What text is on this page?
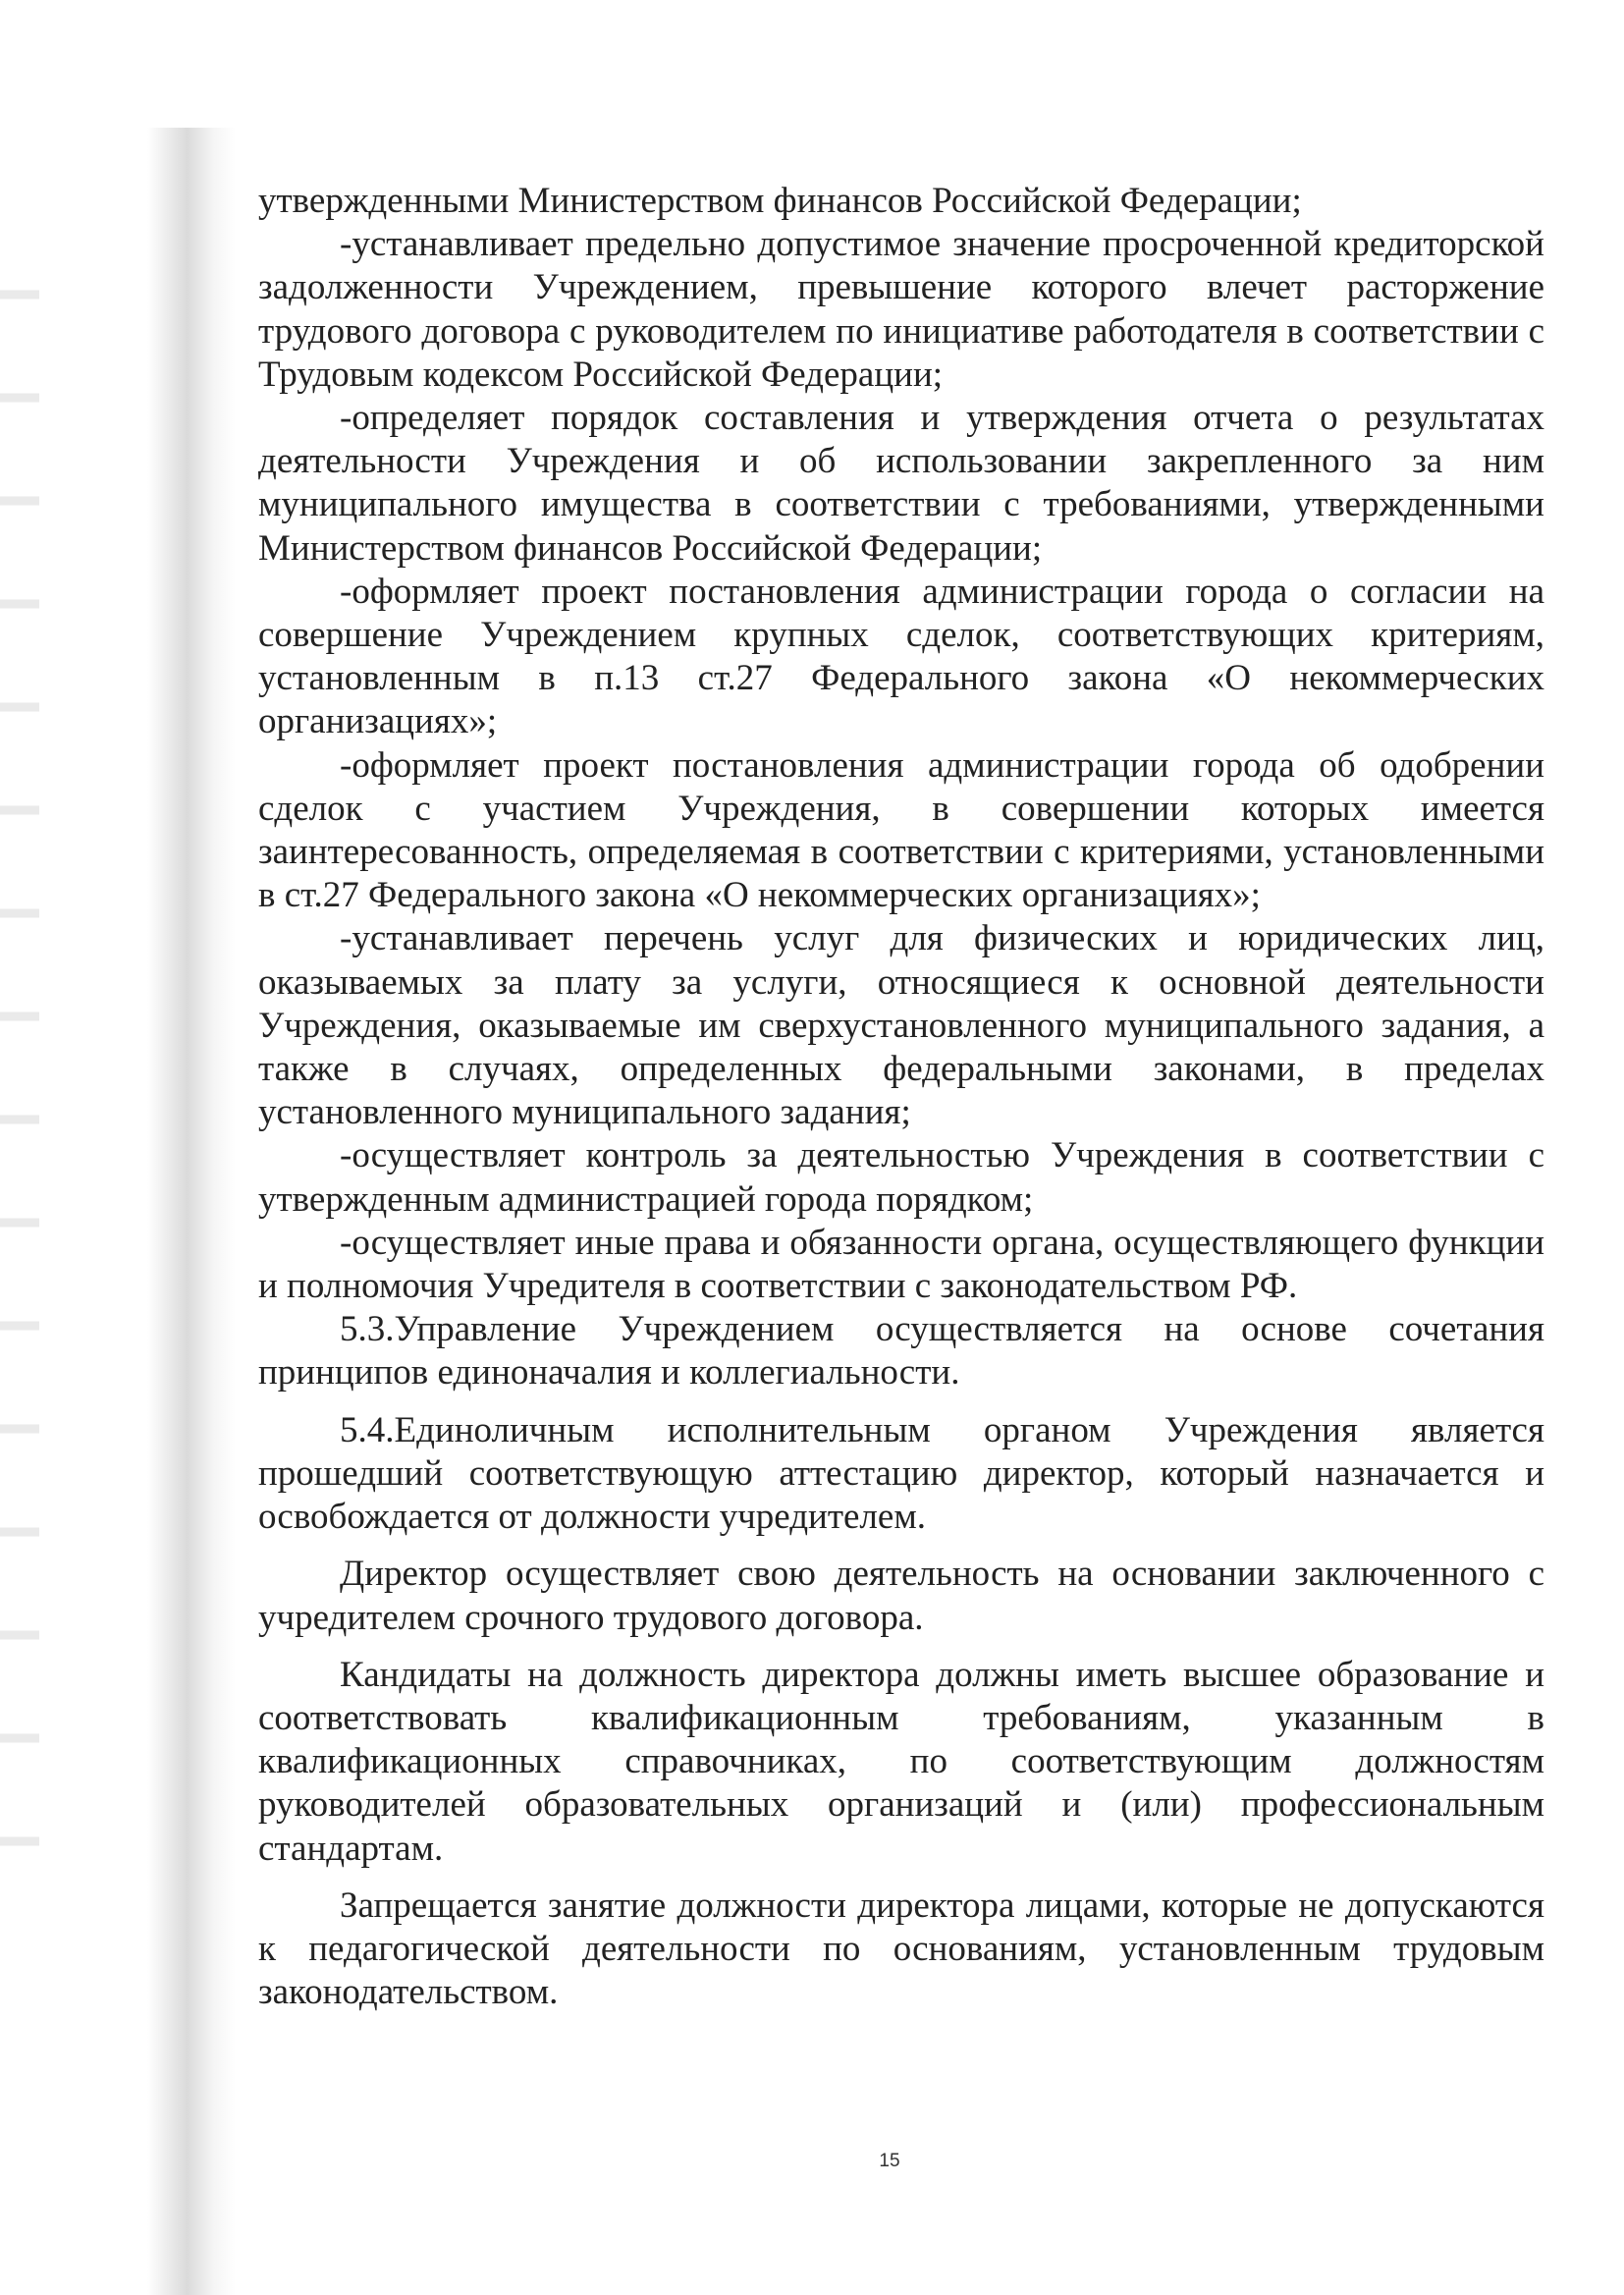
утвержденными Министерством финансов Российской Федерации;

-устанавливает предельно допустимое значение просроченной кредиторской задолженности Учреждением, превышение которого влечет расторжение трудового договора с руководителем по инициативе работодателя в соответствии с Трудовым кодексом Российской Федерации;

-определяет порядок составления и утверждения отчета о результатах деятельности Учреждения и об использовании закрепленного за ним муниципального имущества в соответствии с требованиями, утвержденными Министерством финансов Российской Федерации;

-оформляет проект постановления администрации города о согласии на совершение Учреждением крупных сделок, соответствующих критериям, установленным в п.13 ст.27 Федерального закона «О некоммерческих организациях»;

-оформляет проект постановления администрации города об одобрении сделок с участием Учреждения, в совершении которых имеется заинтересованность, определяемая в соответствии с критериями, установленными в ст.27 Федерального закона «О некоммерческих организациях»;

-устанавливает перечень услуг для физических и юридических лиц, оказываемых за плату за услуги, относящиеся к основной деятельности Учреждения, оказываемые им сверхустановленного муниципального задания, а также в случаях, определенных федеральными законами, в пределах установленного муниципального задания;

-осуществляет контроль за деятельностью Учреждения в соответствии с утвержденным администрацией города порядком;

-осуществляет иные права и обязанности органа, осуществляющего функции и полномочия Учредителя в соответствии с законодательством РФ.

5.3.Управление Учреждением осуществляется на основе сочетания принципов единоначалия и коллегиальности.

5.4.Единоличным исполнительным органом Учреждения является прошедший соответствующую аттестацию директор, который назначается и освобождается от должности учредителем.

Директор осуществляет свою деятельность на основании заключенного с учредителем срочного трудового договора.

Кандидаты на должность директора должны иметь высшее образование и соответствовать квалификационным требованиям, указанным в квалификационных справочниках, по соответствующим должностям руководителей образовательных организаций и (или) профессиональным стандартам.

Запрещается занятие должности директора лицами, которые не допускаются к педагогической деятельности по основаниям, установленным трудовым законодательством.

15
